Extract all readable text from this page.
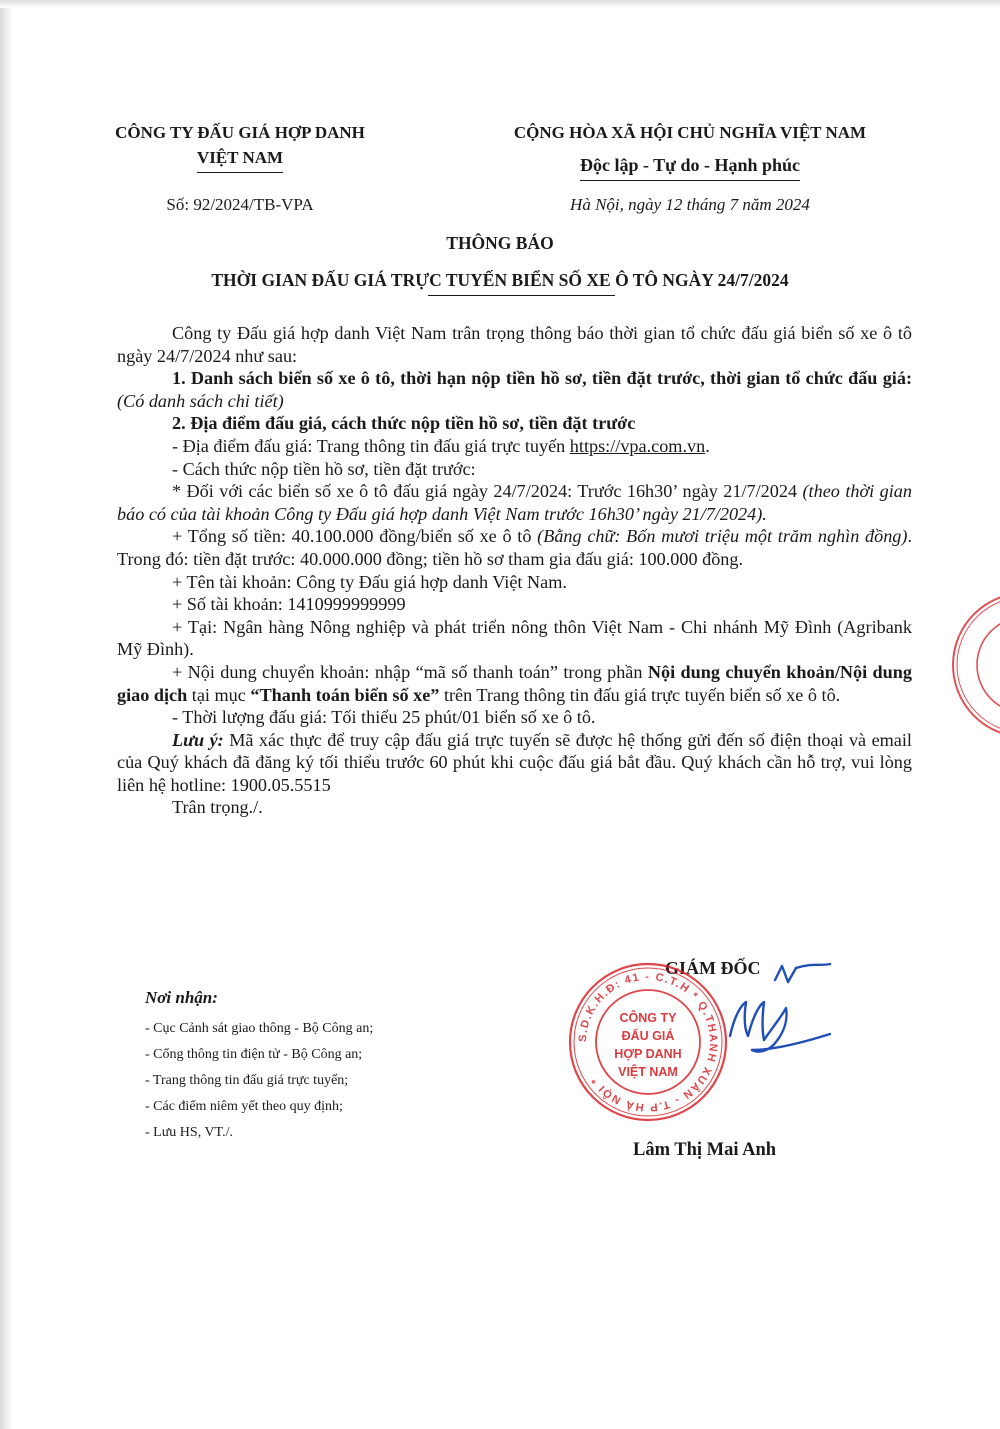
CÔNG TY ĐẤU GIÁ HỢP DANH
VIỆT NAM
CỘNG HÒA XÃ HỘI CHỦ NGHĨA VIỆT NAM
Độc lập - Tự do - Hạnh phúc
Số: 92/2024/TB-VPA	Hà Nội, ngày 12 tháng 7 năm 2024
THÔNG BÁO
THỜI GIAN ĐẤU GIÁ TRỰC TUYẾN BIỂN SỐ XE Ô TÔ NGÀY 24/7/2024

Công ty Đấu giá hợp danh Việt Nam trân trọng thông báo thời gian tổ chức đấu giá biển số xe ô tô ngày 24/7/2024 như sau:

1. Danh sách biển số xe ô tô, thời hạn nộp tiền hồ sơ, tiền đặt trước, thời gian tổ chức đấu giá: (Có danh sách chi tiết)

2. Địa điểm đấu giá, cách thức nộp tiền hồ sơ, tiền đặt trước

- Địa điểm đấu giá: Trang thông tin đấu giá trực tuyến https://vpa.com.vn.

- Cách thức nộp tiền hồ sơ, tiền đặt trước:

* Đối với các biển số xe ô tô đấu giá ngày 24/7/2024: Trước 16h30’ ngày 21/7/2024 (theo thời gian báo có của tài khoản Công ty Đấu giá hợp danh Việt Nam trước 16h30’ ngày 21/7/2024).

+ Tổng số tiền: 40.100.000 đồng/biển số xe ô tô (Bằng chữ: Bốn mươi triệu một trăm nghìn đồng). Trong đó: tiền đặt trước: 40.000.000 đồng; tiền hồ sơ tham gia đấu giá: 100.000 đồng.

+ Tên tài khoản: Công ty Đấu giá hợp danh Việt Nam.

+ Số tài khoản: 1410999999999

+ Tại: Ngân hàng Nông nghiệp và phát triển nông thôn Việt Nam - Chi nhánh Mỹ Đình (Agribank Mỹ Đình).

+ Nội dung chuyển khoản: nhập “mã số thanh toán” trong phần Nội dung chuyển khoản/Nội dung giao dịch tại mục “Thanh toán biển số xe” trên Trang thông tin đấu giá trực tuyến biển số xe ô tô.

- Thời lượng đấu giá: Tối thiểu 25 phút/01 biển số xe ô tô.

Lưu ý: Mã xác thực để truy cập đấu giá trực tuyến sẽ được hệ thống gửi đến số điện thoại và email của Quý khách đã đăng ký tối thiểu trước 60 phút khi cuộc đấu giá bắt đầu. Quý khách cần hỗ trợ, vui lòng liên hệ hotline: 1900.05.5515

Trân trọng./.

Nơi nhận:
- Cục Cảnh sát giao thông - Bộ Công an;
- Cổng thông tin điện tử - Bộ Công an;
- Trang thông tin đấu giá trực tuyến;
- Các điểm niêm yết theo quy định;
- Lưu HS, VT./.
GIÁM ĐỐC
S.D.K.H.Đ: 41 - C.T.H * Q.THANH XUÂN - T.P HÀ NỘI *
CÔNG TY
ĐẤU GIÁ
HỢP DANH
VIỆT NAM
Lâm Thị Mai Anh
